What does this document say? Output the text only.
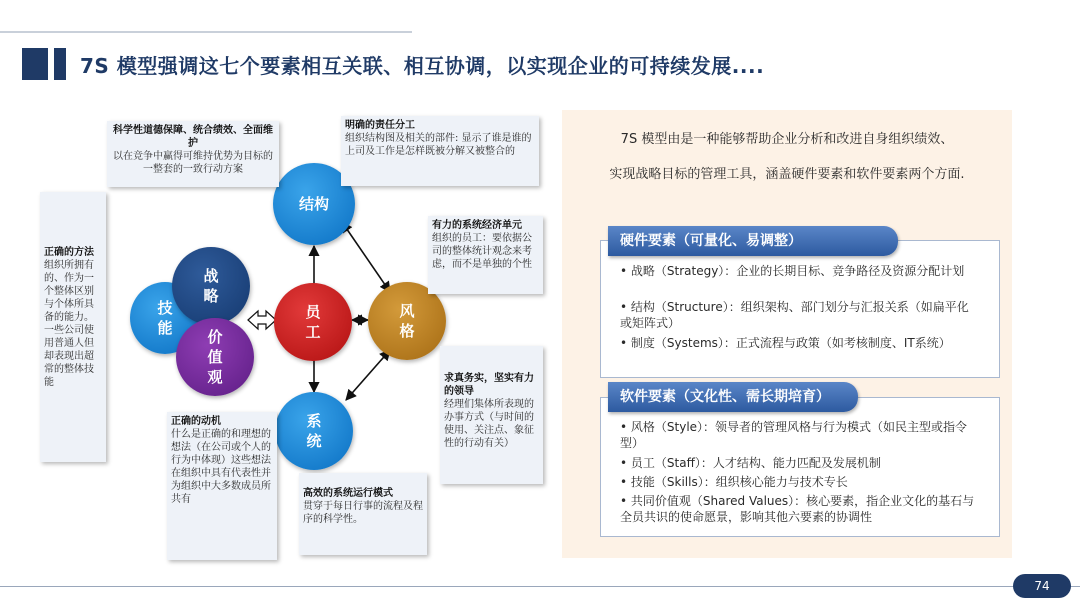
7S 模型强调这七个要素相互关联、相互协调，以实现企业的可持续发展....
结构
技能
战略
价值观
员工
风格
系统
科学性道德保障、统合绩效、全面维护
以在竞争中赢得可维持优势为目标的一整套的一致行动方案
明确的责任分工
组织结构图及相关的部件: 显示了谁是谁的上司及工作是怎样既被分解又被整合的
正确的方法
组织所拥有的、作为一个整体区别与个体所具备的能力。一些公司使用普通人但却表现出超常的整体技能
有力的系统经济单元
组织的员工：要依据公司的整体统计观念来考虑，而不是单独的个性
正确的动机
什么是正确的和理想的想法（在公司或个人的行为中体现）这些想法在组织中具有代表性并为组织中大多数成员所共有
求真务实，坚实有力的领导
经理们集体所表现的办事方式（与时间的使用、关注点、象征性的行动有关）
高效的系统运行模式
贯穿于每日行事的流程及程序的科学性。
7S 模型由是一种能够帮助企业分析和改进自身组织绩效、
实现战略目标的管理工具，涵盖硬件要素和软件要素两个方面.
硬件要素（可量化、易调整）
• 战略（Strategy）：企业的长期目标、竞争路径及资源分配计划
• 结构（Structure）：组织架构、部门划分与汇报关系（如扁平化或矩阵式）
• 制度（Systems）：正式流程与政策（如考核制度、IT系统）
软件要素（文化性、需长期培育）
• 风格（Style）：领导者的管理风格与行为模式（如民主型或指令型）
• 员工（Staff）：人才结构、能力匹配及发展机制
• 技能（Skills）：组织核心能力与技术专长
• 共同价值观（Shared Values）：核心要素，指企业文化的基石与全员共识的使命愿景，影响其他六要素的协调性
74
